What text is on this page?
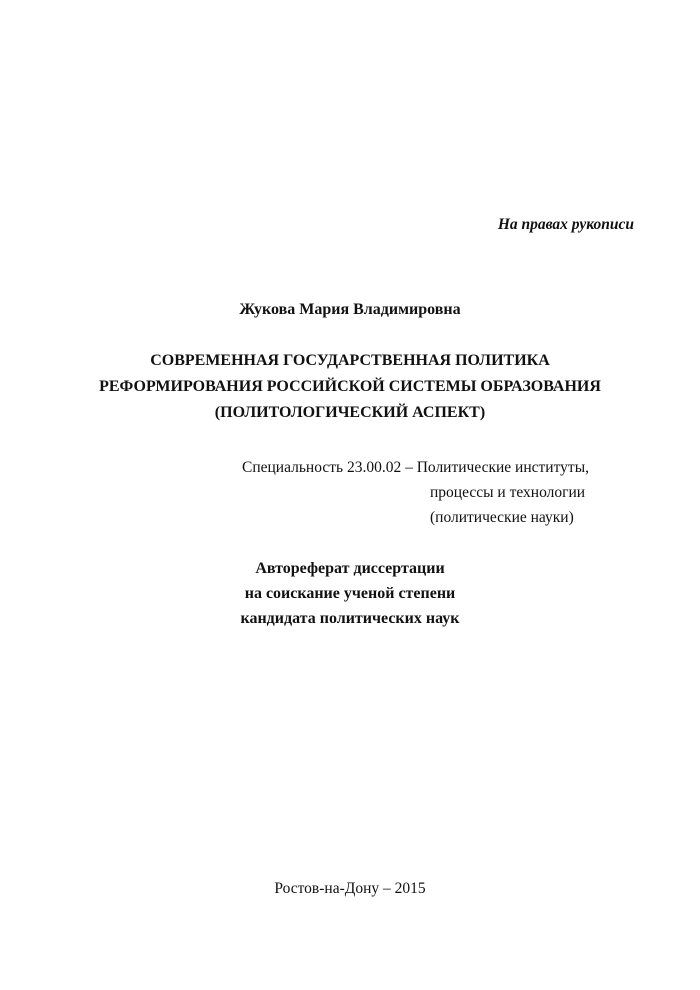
На правах рукописи
Жукова Мария Владимировна
СОВРЕМЕННАЯ ГОСУДАРСТВЕННАЯ ПОЛИТИКА
РЕФОРМИРОВАНИЯ РОССИЙСКОЙ СИСТЕМЫ ОБРАЗОВАНИЯ
(ПОЛИТОЛОГИЧЕСКИЙ АСПЕКТ)
Специальность 23.00.02 – Политические институты,
процессы и технологии
(политические науки)
Автореферат диссертации
на соискание ученой степени
кандидата политических наук
Ростов-на-Дону – 2015
